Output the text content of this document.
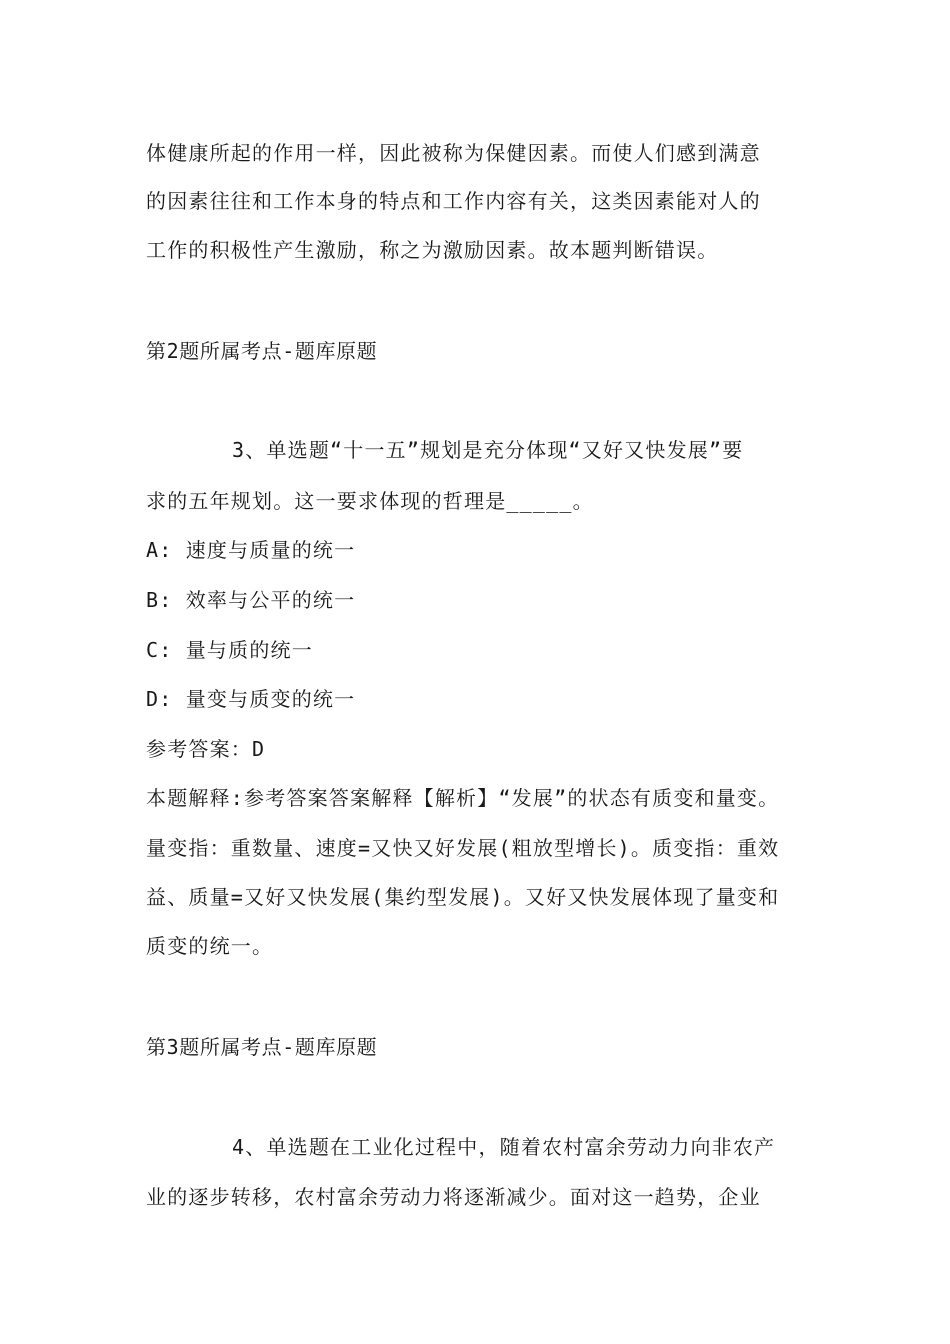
体健康所起的作用一样，因此被称为保健因素。而使人们感到满意
的因素往往和工作本身的特点和工作内容有关，这类因素能对人的
工作的积极性产生激励，称之为激励因素。故本题判断错误。
第2题所属考点-题库原题
3、单选题“十一五”规划是充分体现“又好又快发展”要
求的五年规划。这一要求体现的哲理是_____。
A: 速度与质量的统一
B: 效率与公平的统一
C: 量与质的统一
D: 量变与质变的统一
参考答案：D
本题解释:参考答案答案解释【解析】“发展”的状态有质变和量变。
量变指：重数量、速度=又快又好发展(粗放型增长)。质变指：重效
益、质量=又好又快发展(集约型发展)。又好又快发展体现了量变和
质变的统一。
第3题所属考点-题库原题
4、单选题在工业化过程中，随着农村富余劳动力向非农产
业的逐步转移，农村富余劳动力将逐渐减少。面对这一趋势，企业
